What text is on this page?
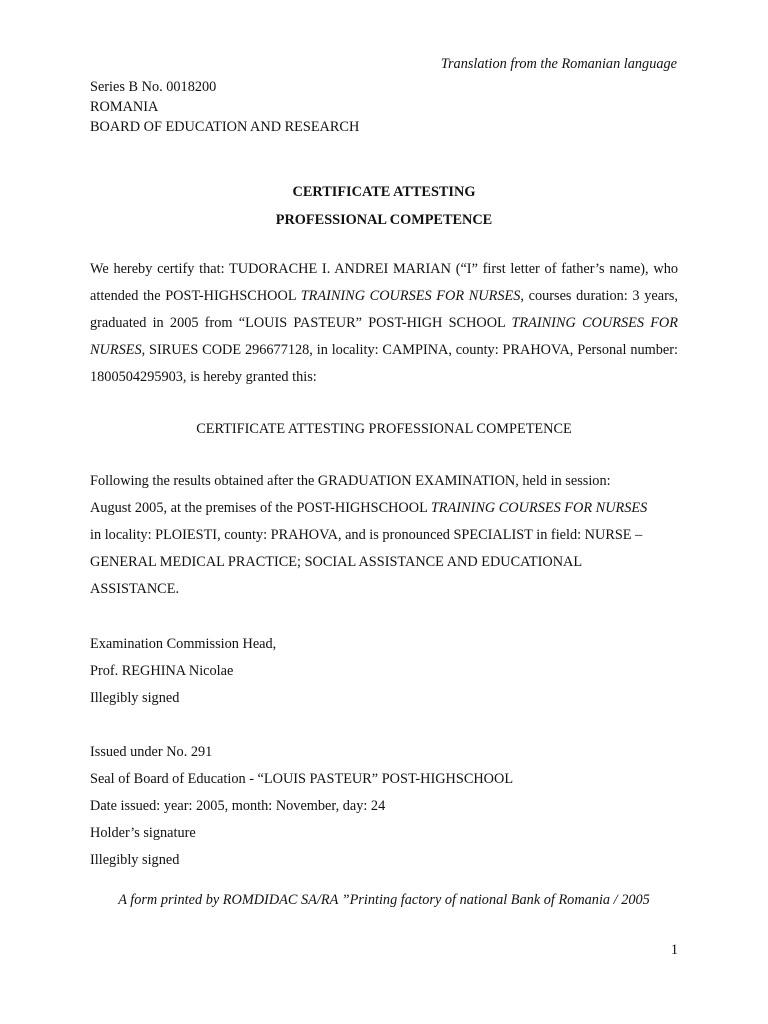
Translation from the Romanian language
Series B No. 0018200
ROMANIA
BOARD OF EDUCATION AND RESEARCH
CERTIFICATE ATTESTING
PROFESSIONAL COMPETENCE
We hereby certify that: TUDORACHE I. ANDREI MARIAN (“I” first letter of father’s name), who attended the POST-HIGHSCHOOL TRAINING COURSES FOR NURSES, courses duration: 3 years, graduated in 2005 from “LOUIS PASTEUR” POST-HIGH SCHOOL TRAINING COURSES FOR NURSES, SIRUES CODE 296677128, in locality: CAMPINA, county: PRAHOVA, Personal number: 1800504295903, is hereby granted this:
CERTIFICATE ATTESTING PROFESSIONAL COMPETENCE
Following the results obtained after the GRADUATION EXAMINATION, held in session:
August 2005, at the premises of the POST-HIGHSCHOOL TRAINING COURSES FOR NURSES
in locality: PLOIESTI, county: PRAHOVA, and is pronounced SPECIALIST in field: NURSE –
GENERAL MEDICAL PRACTICE; SOCIAL ASSISTANCE AND EDUCATIONAL
ASSISTANCE.
Examination Commission Head,
Prof. REGHINA Nicolae
Illegibly signed
Issued under No. 291
Seal of Board of Education - “LOUIS PASTEUR” POST-HIGHSCHOOL
Date issued: year: 2005, month: November, day: 24
Holder’s signature
Illegibly signed
A form printed by ROMDIDAC SA/RA ”Printing factory of national Bank of Romania / 2005
1
